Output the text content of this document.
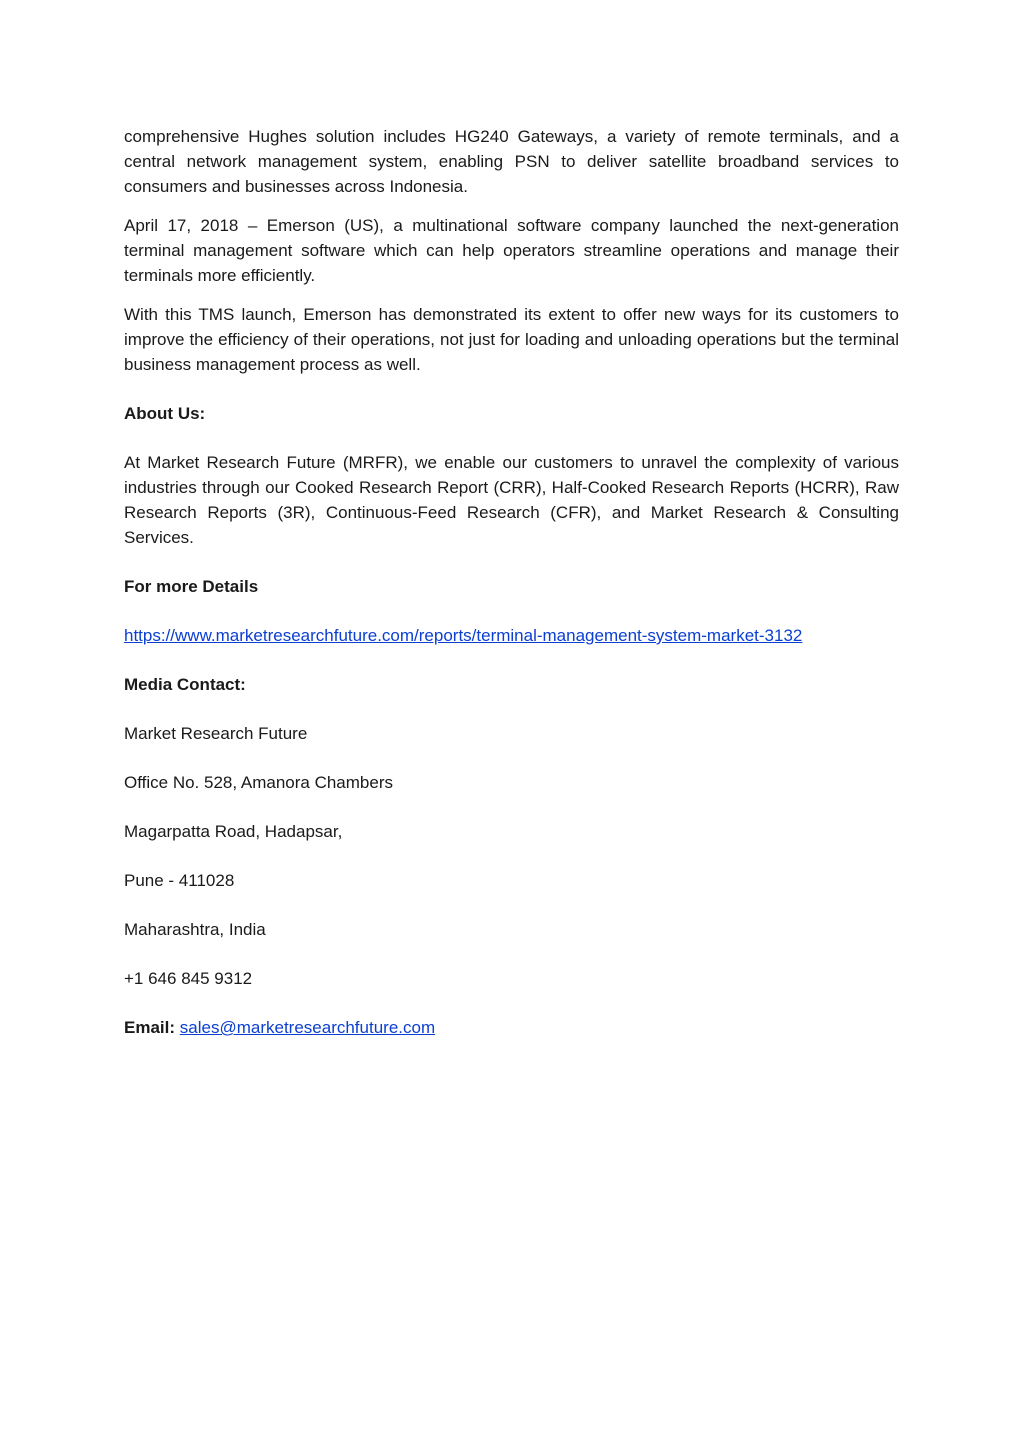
comprehensive Hughes solution includes HG240 Gateways, a variety of remote terminals, and a central network management system, enabling PSN to deliver satellite broadband services to consumers and businesses across Indonesia.

April 17, 2018 – Emerson (US), a multinational software company launched the next-generation terminal management software which can help operators streamline operations and manage their terminals more efficiently.

With this TMS launch, Emerson has demonstrated its extent to offer new ways for its customers to improve the efficiency of their operations, not just for loading and unloading operations but the terminal business management process as well.

About Us:

At Market Research Future (MRFR), we enable our customers to unravel the complexity of various industries through our Cooked Research Report (CRR), Half-Cooked Research Reports (HCRR), Raw Research Reports (3R), Continuous-Feed Research (CFR), and Market Research & Consulting Services.

For more Details

https://www.marketresearchfuture.com/reports/terminal-management-system-market-3132

Media Contact:

Market Research Future

Office No. 528, Amanora Chambers

Magarpatta Road, Hadapsar,

Pune - 411028

Maharashtra, India

+1 646 845 9312

Email: sales@marketresearchfuture.com
